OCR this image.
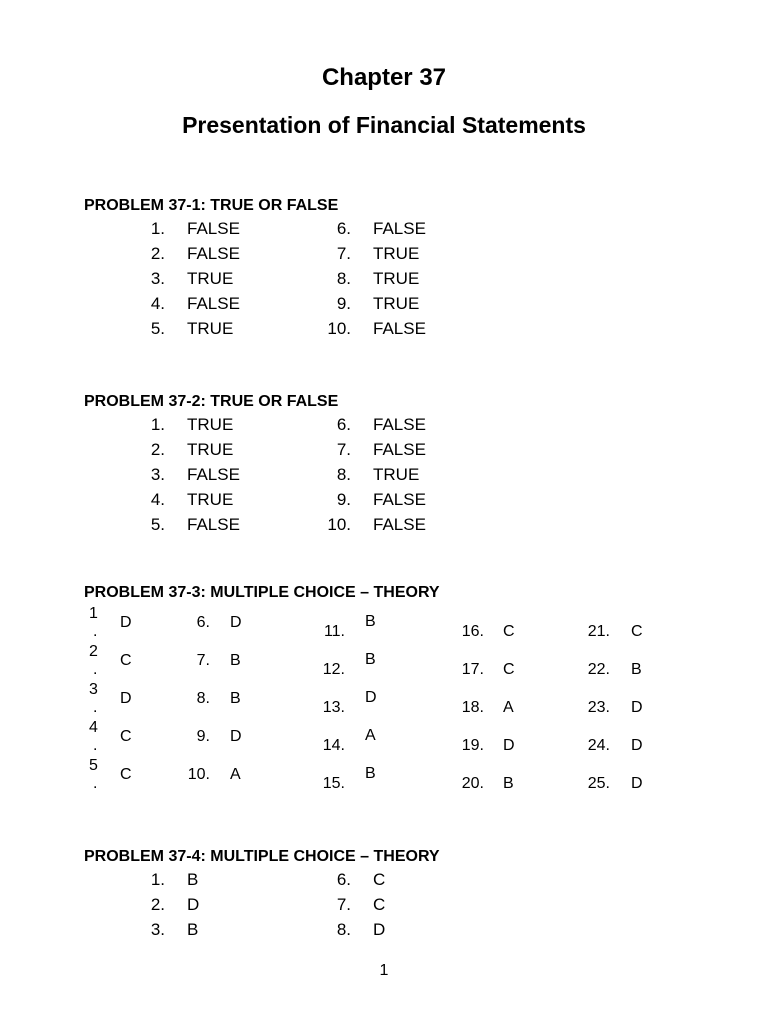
Chapter 37
Presentation of Financial Statements
PROBLEM 37-1: TRUE OR FALSE
1. FALSE
2. FALSE
3. TRUE
4. FALSE
5. TRUE
6. FALSE
7. TRUE
8. TRUE
9. TRUE
10. FALSE
PROBLEM 37-2: TRUE OR FALSE
1. TRUE
2. TRUE
3. FALSE
4. TRUE
5. FALSE
6. FALSE
7. FALSE
8. TRUE
9. FALSE
10. FALSE
PROBLEM 37-3: MULTIPLE CHOICE – THEORY
1
.
D
2
.
C
3
.
D
4
.
C
5
.
C
6. D
7. B
8. B
9. D
10. A
11.
B
12.
B
13.
D
14.
A
15.
B
16. C
17. C
18. A
19. D
20. B
21. C
22. B
23. D
24. D
25. D
PROBLEM 37-4: MULTIPLE CHOICE – THEORY
1. B
2. D
3. B
6. C
7. C
8. D
1
